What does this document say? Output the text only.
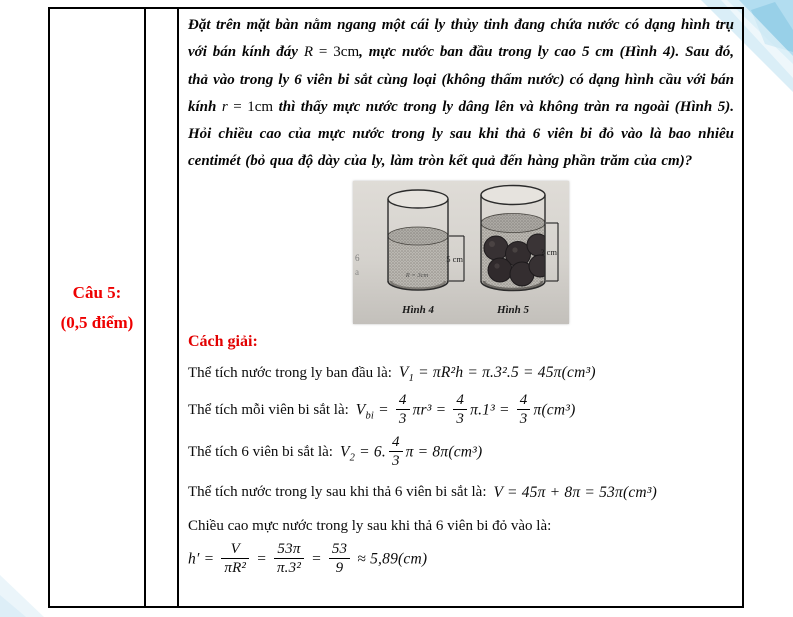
Câu 5:
(0,5 điểm)
Đặt trên mặt bàn nằm ngang một cái ly thủy tinh đang chứa nước có dạng hình trụ với bán kính đáy R = 3cm, mực nước ban đầu trong ly cao 5 cm (Hình 4). Sau đó, thả vào trong ly 6 viên bi sắt cùng loại (không thấm nước) có dạng hình cầu với bán kính r = 1cm thì thấy mực nước trong ly dâng lên và không tràn ra ngoài (Hình 5). Hỏi chiều cao của mực nước trong ly sau khi thả 6 viên bi đỏ vào là bao nhiêu centimét (bỏ qua độ dày của ly, làm tròn kết quả đến hàng phần trăm của cm)?
6
a	R = 3cm
5 cm
? cm
Hình 4	Hình 5
Cách giải:
Thể tích nước trong ly ban đầu là: $V_1 = \pi R^2h = \pi.3^2.5 = 45\pi(cm^3)$
Thể tích mỗi viên bi sắt là: $V_{bi} = \frac{4}{3} \pi r^3 = \frac{4}{3} \pi.1^3 = \frac{4}{3} \pi(cm^3)$
Thể tích 6 viên bi sắt là: $V_2 = 6$. $\frac{4}{3}$ π = 8π(cm³)
Thể tích nước trong ly sau khi thả 6 viên bi sắt là: V = 45π + 8π = 53π(cm³)
Chiều cao mực nước trong ly sau khi thả 6 viên bi đỏ vào là:
$h' = \frac{V}{\text{πR²}} = \frac{53\pi}{\text{π.3²}} = \frac{53}{9} \approx 5,89(cm)$
